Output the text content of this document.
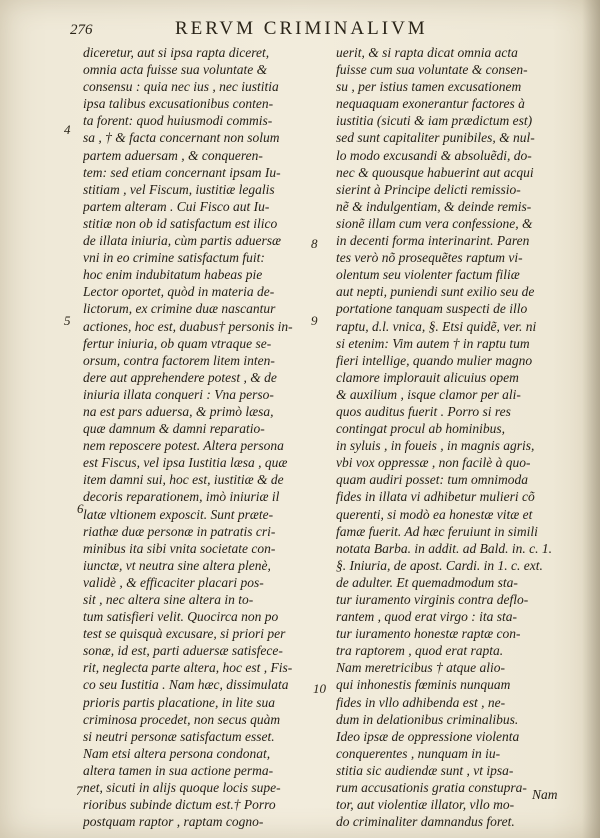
276	RERVM CRIMINALIVM
4
8
5	9
6
10
7
diceretur, aut si ipsa rapta diceret,
omnia acta fuisse sua voluntate &
consensu : quia nec ius , nec iustitia
ipsa talibus excusationibus conten-
ta forent: quod huiusmodi commis-
sa , † & facta concernant non solum
partem aduersam , & conqueren-
tem: sed etiam concernant ipsam Iu-
stitiam , vel Fiscum, iustitiæ legalis
partem alteram . Cui Fisco aut Iu-
stitiæ non ob id satisfactum est ilico
de illata iniuria, cùm partis aduersæ
vni in eo crimine satisfactum fuit:
hoc enim indubitatum habeas pie
Lector oportet, quòd in materia de-
lictorum, ex crimine duæ nascantur
actiones, hoc est, duabus† personis in-
fertur iniuria, ob quam vtraque se-
orsum, contra factorem litem inten-
dere aut apprehendere potest , & de
iniuria illata conqueri : Vna perso-
na est pars aduersa, & primò læsa,
quæ damnum & damni reparatio-
nem reposcere potest. Altera persona
est Fiscus, vel ipsa Iustitia læsa , quæ
item damni sui, hoc est, iustitiæ & de
decoris reparationem, imò iniuriæ il
latæ vltionem exposcit. Sunt præte-
riathæ duæ personæ in patratis cri-
minibus ita sibi vnita societate con-
iunctæ, vt neutra sine altera plenè,
validè , & efficaciter placari pos-
sit , nec altera sine altera in to-
tum satisfieri velit. Quocirca non po
test se quisquà excusare, si priori per
sonæ, id est, parti aduersæ satisfece-
rit, neglecta parte altera, hoc est , Fis-
co seu Iustitia . Nam hæc, dissimulata
prioris partis placatione, in lite sua
criminosa procedet, non secus quàm
si neutri personæ satisfactum esset.
Nam etsi altera persona condonat,
altera tamen in sua actione perma-
net, sicuti in alijs quoque locis supe-
rioribus subinde dictum est.† Porro
postquam raptor , raptam cogno-
uerit, & si rapta dicat omnia acta
fuisse cum sua voluntate & consen-
su , per istius tamen excusationem
nequaquam exonerantur factores à
iustitia (sicuti & iam prædictum est)
sed sunt capitaliter punibiles, & nul-
lo modo excusandi & absoluẽdi, do-
nec & quousque habuerint aut acqui
sierint à Principe delicti remissio-
nẽ & indulgentiam, & deinde remis-
sionẽ illam cum vera confessione, &
in decenti forma interinarint. Paren
tes verò nõ prosequẽtes raptum vi-
olentum seu violenter factum filiæ
aut nepti, puniendi sunt exilio seu de
portatione tanquam suspecti de illo
raptu, d.l. vnica, §. Etsi quidẽ, ver. ni
si etenim: Vim autem † in raptu tum
fieri intellige, quando mulier magno
clamore implorauit alicuius opem
& auxilium , isque clamor per ali-
quos auditus fuerit . Porro si res
contingat procul ab hominibus,
in syluis , in foueis , in magnis agris,
vbi vox oppressæ , non facilè à quo-
quam audiri posset: tum omnimoda
fides in illata vi adhibetur mulieri cõ
querenti, si modò ea honestæ vitæ et
famæ fuerit. Ad hæc feruiunt in simili
notata Barba. in addit. ad Bald. in. c. 1.
§. Iniuria, de apost. Cardi. in 1. c. ext.
de adulter. Et quemadmodum sta-
tur iuramento virginis contra deflo-
rantem , quod erat virgo : ita sta-
tur iuramento honestæ raptæ con-
tra raptorem , quod erat rapta.
Nam meretricibus † atque alio-
qui inhonestis fœminis nunquam
fides in vllo adhibenda est , ne-
dum in delationibus criminalibus.
Ideo ipsæ de oppressione violenta
conquerentes , nunquam in iu-
stitia sic audiendæ sunt , vt ipsa-
rum accusationis gratia constupra-
tor, aut violentiæ illator, vllo mo-
do criminaliter damnandus foret.
Nam
